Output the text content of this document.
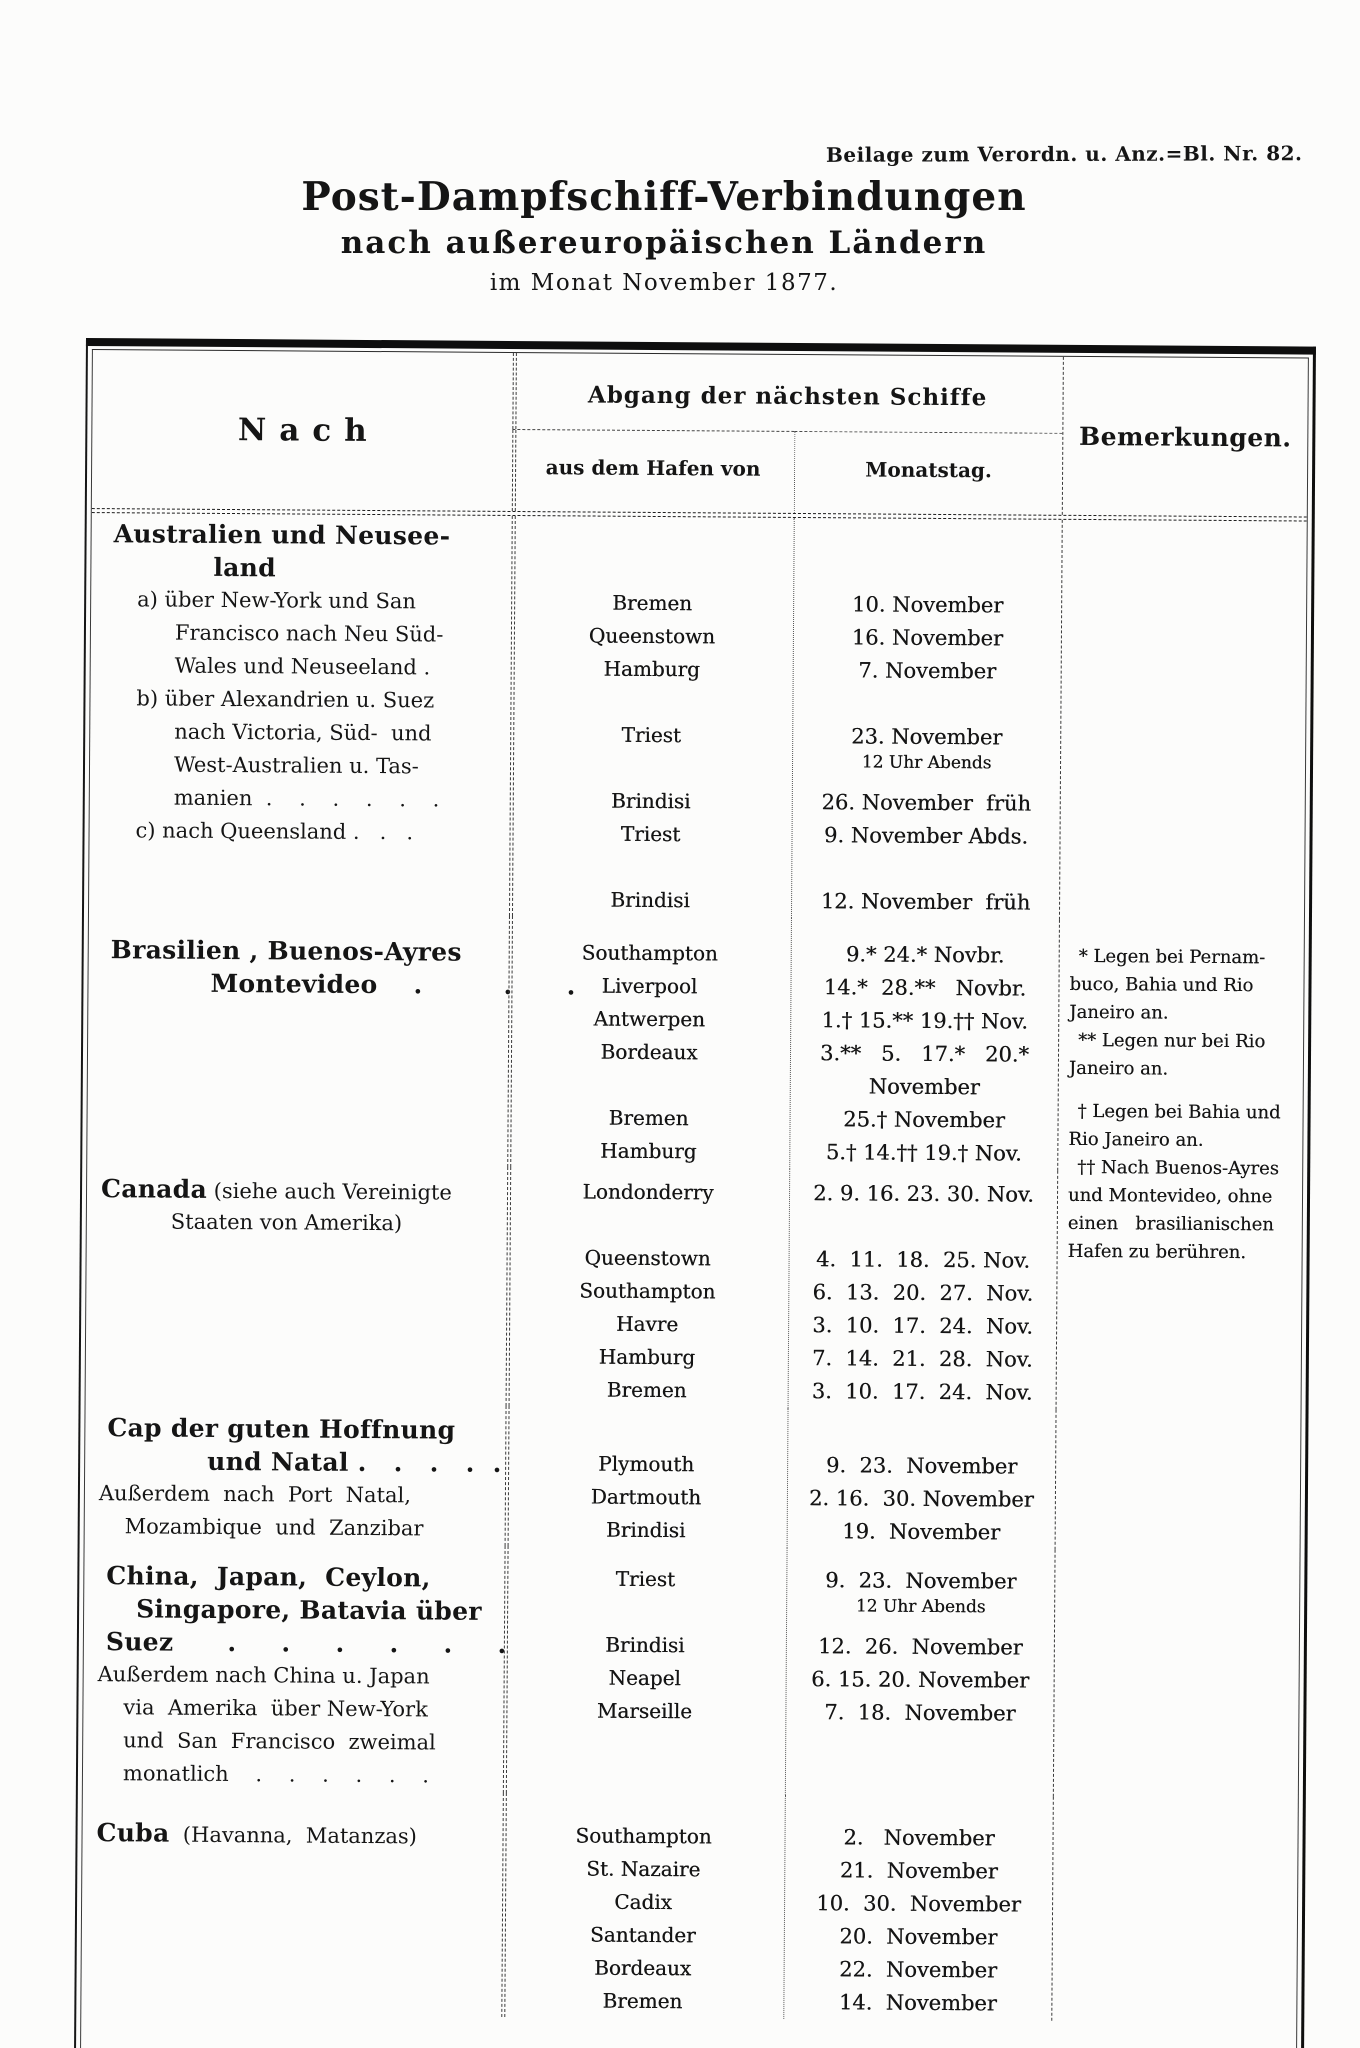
Beilage zum Verordn. u. Anz.=Bl. Nr. 82.
Post-Dampfschiff-Verbindungen
nach außereuropäischen Ländern
im Monat November 1877.
Nach
Abgang der nächsten Schiffe
aus dem Hafen von	Monatstag.
Bemerkungen.
Australien und Neusee-
land
a) über New-York und San
Francisco nach Neu Süd-
Wales und Neuseeland .
b) über Alexandrien u. Suez
nach Victoria, Süd-  und
West-Australien u. Tas-
manien  .    .    .    .    .    .
c) nach Queensland .   .   .
Bremen
Queenstown
Hamburg
Triest
Brindisi
Triest
Brindisi
10. November
16. November
7. November
23. November
12 Uhr Abends
26. November  früh
9. November Abds.
12. November  früh
Brasilien , Buenos-Ayres
Montevideo    .         .      .
Southampton
Liverpool
Antwerpen
Bordeaux
Bremen
Hamburg
9.* 24.* Novbr.
14.*  28.**   Novbr.
1.† 15.** 19.†† Nov.
3.**   5.   17.*   20.*
November
25.† November
5.† 14.†† 19.† Nov.
* Legen bei Pernam-
buco, Bahia und Rio
Janeiro an.
** Legen nur bei Rio
Janeiro an.
† Legen bei Bahia und
Rio Janeiro an.
†† Nach Buenos-Ayres
und Montevideo, ohne
einen   brasilianischen
Hafen zu berühren.
Canada (siehe auch Vereinigte
Staaten von Amerika)
Londonderry
Queenstown
Southampton
Havre
Hamburg
Bremen
2. 9. 16. 23. 30. Nov.
4.  11.  18.  25. Nov.
6.  13.  20.  27.  Nov.
3.  10.  17.  24.  Nov.
7.  14.  21.  28.  Nov.
3.  10.  17.  24.  Nov.
Cap der guten Hoffnung
und Natal .   .   .   .  .
Außerdem  nach  Port  Natal,
Mozambique  und  Zanzibar
Plymouth
Dartmouth
Brindisi
9.  23.  November
2. 16.  30. November
19.  November
China,  Japan,  Ceylon,
Singapore, Batavia über
Suez      .     .     .     .     .     .
Außerdem nach China u. Japan
via  Amerika  über New-York
und  San  Francisco  zweimal
monatlich    .    .    .    .    .    .
Triest
Brindisi
Neapel
Marseille
9.  23.  November
12 Uhr Abends
12.  26.  November
6. 15. 20. November
7.  18.  November
Cuba  (Havanna,  Matanzas)	Southampton
St. Nazaire
Cadix
Santander
Bordeaux
Bremen
2.   November
21.  November
10.  30.  November
20.  November
22.  November
14.  November
